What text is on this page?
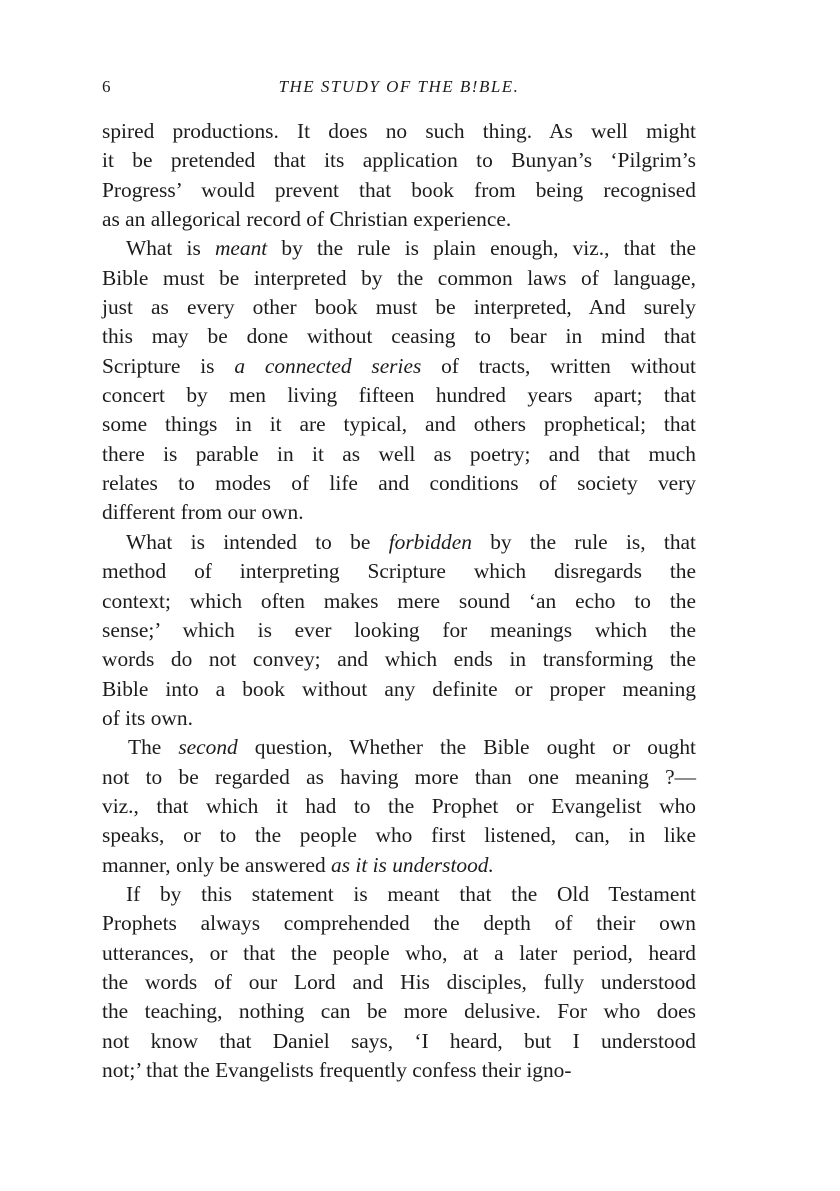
6	THE STUDY OF THE B!BLE.
spired productions. It does no such thing. As well might
it be pretended that its application to Bunyan’s ‘Pilgrim’s
Progress’ would prevent that book from being recognised
as an allegorical record of Christian experience.
What is meant by the rule is plain enough, viz., that the
Bible must be interpreted by the common laws of language,
just as every other book must be interpreted, And surely
this may be done without ceasing to bear in mind that
Scripture is a connected series of tracts, written without
concert by men living fifteen hundred years apart; that
some things in it are typical, and others prophetical; that
there is parable in it as well as poetry; and that much
relates to modes of life and conditions of society very
different from our own.
What is intended to be forbidden by the rule is, that
method of interpreting Scripture which disregards the
context; which often makes mere sound ‘an echo to the
sense;’ which is ever looking for meanings which the
words do not convey; and which ends in transforming the
Bible into a book without any definite or proper meaning
of its own.
The second question, Whether the Bible ought or ought
not to be regarded as having more than one meaning ?—
viz., that which it had to the Prophet or Evangelist who
speaks, or to the people who first listened, can, in like
manner, only be answered as it is understood.
If by this statement is meant that the Old Testament
Prophets always comprehended the depth of their own
utterances, or that the people who, at a later period, heard
the words of our Lord and His disciples, fully understood
the teaching, nothing can be more delusive. For who does
not know that Daniel says, ‘I heard, but I understood
not;’ that the Evangelists frequently confess their igno-
